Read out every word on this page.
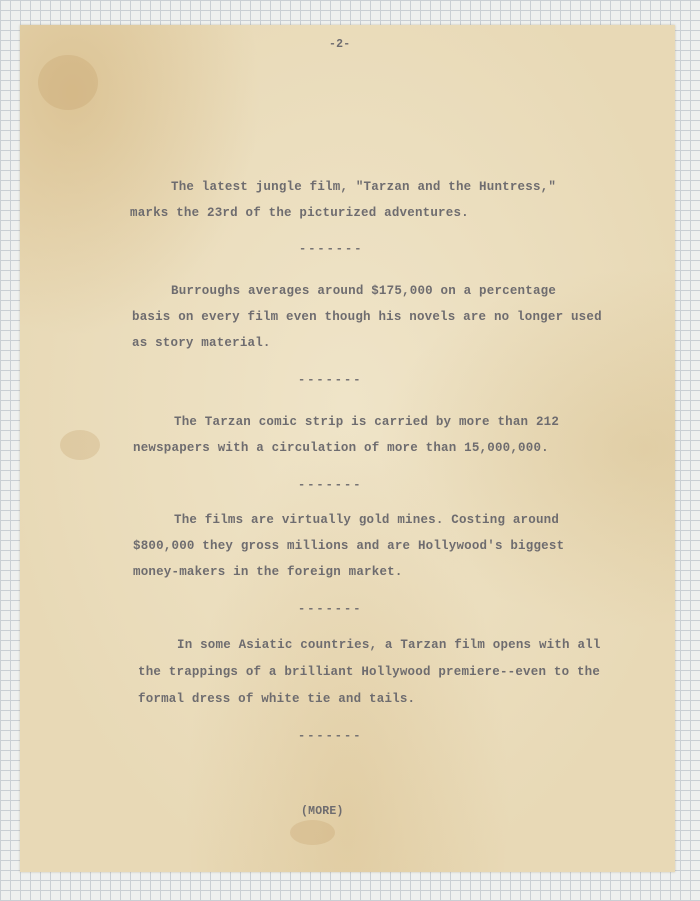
-2-
The latest jungle film, "Tarzan and the Huntress,"
marks the 23rd of the picturized adventures.
-------
Burroughs averages around $175,000 on a percentage
basis on every film even though his novels are no longer used
as story material.
-------
The Tarzan comic strip is carried by more than 212
newspapers with a circulation of more than 15,000,000.
-------
The films are virtually gold mines. Costing around
$800,000 they gross millions and are Hollywood's biggest
money-makers in the foreign market.
-------
In some Asiatic countries, a Tarzan film opens with all
the trappings of a brilliant Hollywood premiere--even to the
formal dress of white tie and tails.
-------
(MORE)
